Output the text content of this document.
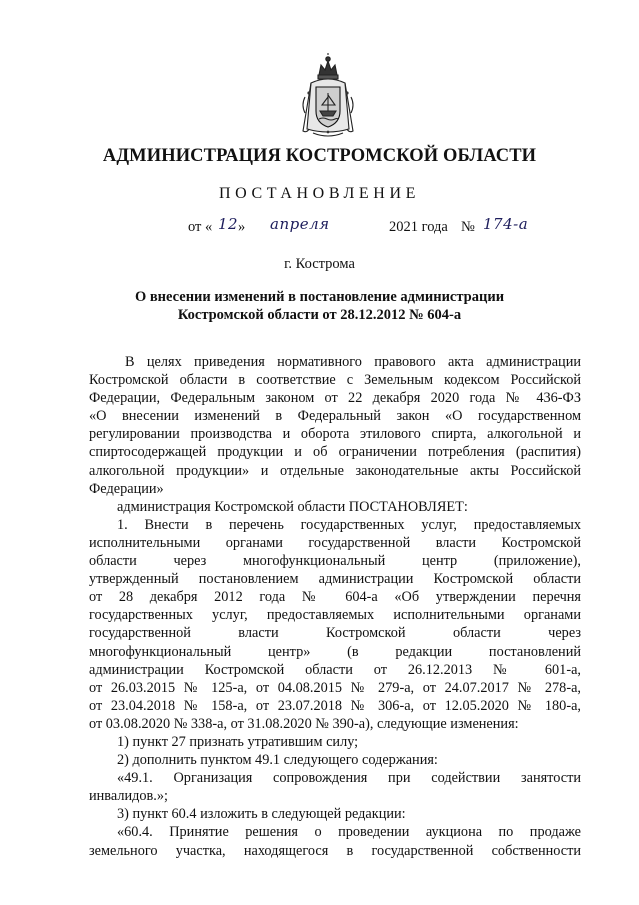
АДМИНИСТРАЦИЯ КОСТРОМСКОЙ ОБЛАСТИ
ПОСТАНОВЛЕНИЕ
от « 12 » апреля	2021 года № 174-а
г. Кострома
О внесении изменений в постановление администрации
Костромской области от 28.12.2012 № 604-а
В целях приведения нормативного правового акта администрации
Костромской области в соответствие с Земельным кодексом Российской
Федерации, Федеральным законом от 22 декабря 2020 года № 436-ФЗ
«О внесении изменений в Федеральный закон «О государственном
регулировании производства и оборота этилового спирта, алкогольной и
спиртосодержащей продукции и об ограничении потребления (распития)
алкогольной продукции» и отдельные законодательные акты Российской
Федерации»
администрация Костромской области ПОСТАНОВЛЯЕТ:
1. Внести в перечень государственных услуг, предоставляемых
исполнительными органами государственной власти Костромской
области через многофункциональный центр (приложение),
утвержденный постановлением администрации Костромской области
от 28 декабря 2012 года № 604-а «Об утверждении перечня
государственных услуг, предоставляемых исполнительными органами
государственной власти Костромской области через
многофункциональный центр» (в редакции постановлений
администрации Костромской области от 26.12.2013 № 601-а,
от 26.03.2015 № 125-а, от 04.08.2015 № 279-а, от 24.07.2017 № 278-а,
от 23.04.2018 № 158-а, от 23.07.2018 № 306-а, от 12.05.2020 № 180-а,
от 03.08.2020 № 338-а, от 31.08.2020 № 390-а), следующие изменения:
1) пункт 27 признать утратившим силу;
2) дополнить пунктом 49.1 следующего содержания:
«49.1. Организация сопровождения при содействии занятости
инвалидов.»;
3) пункт 60.4 изложить в следующей редакции:
«60.4. Принятие решения о проведении аукциона по продаже
земельного участка, находящегося в государственной собственности
